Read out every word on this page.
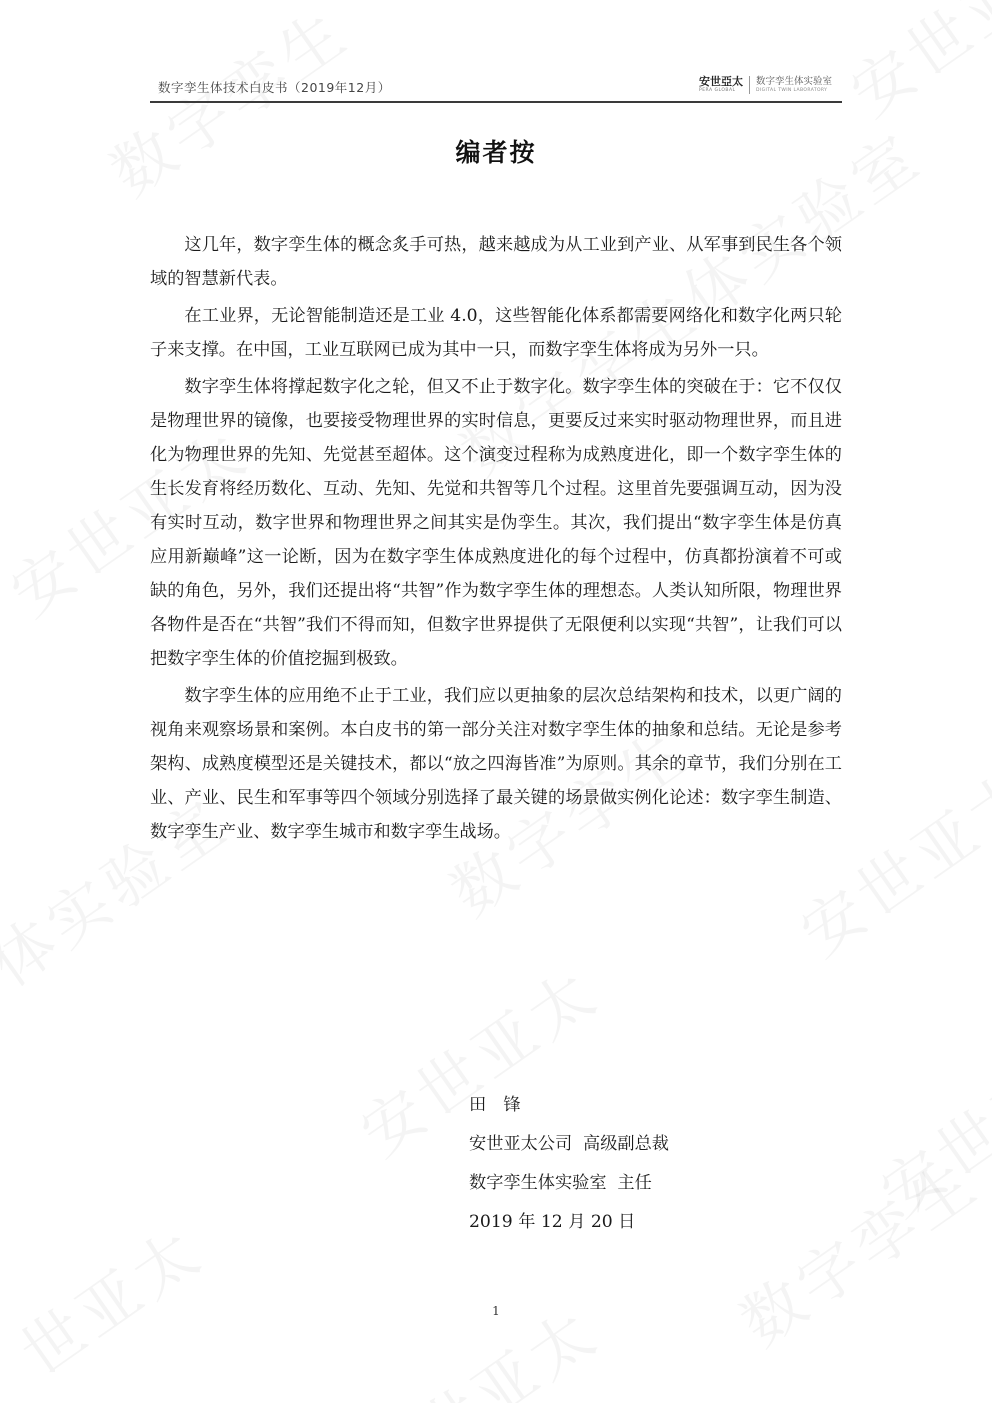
数字孪生体技术白皮书（2019年12月）	安世亞太
PERA GLOBAL
数字孪生体实验室
DIGITAL TWIN LABORATORY
编者按

这几年，数字孪生体的概念炙手可热，越来越成为从工业到产业、从军事到民生各个领域的智慧新代表。

在工业界，无论智能制造还是工业 4.0，这些智能化体系都需要网络化和数字化两只轮子来支撑。在中国，工业互联网已成为其中一只，而数字孪生体将成为另外一只。

数字孪生体将撑起数字化之轮，但又不止于数字化。数字孪生体的突破在于：它不仅仅是物理世界的镜像，也要接受物理世界的实时信息，更要反过来实时驱动物理世界，而且进化为物理世界的先知、先觉甚至超体。这个演变过程称为成熟度进化，即一个数字孪生体的生长发育将经历数化、互动、先知、先觉和共智等几个过程。这里首先要强调互动，因为没有实时互动，数字世界和物理世界之间其实是伪孪生。其次，我们提出“数字孪生体是仿真应用新巅峰”这一论断，因为在数字孪生体成熟度进化的每个过程中，仿真都扮演着不可或缺的角色，另外，我们还提出将“共智”作为数字孪生体的理想态。人类认知所限，物理世界各物件是否在“共智”我们不得而知，但数字世界提供了无限便利以实现“共智”，让我们可以把数字孪生体的价值挖掘到极致。

数字孪生体的应用绝不止于工业，我们应以更抽象的层次总结架构和技术，以更广阔的视角来观察场景和案例。本白皮书的第一部分关注对数字孪生体的抽象和总结。无论是参考架构、成熟度模型还是关键技术，都以“放之四海皆准”为原则。其余的章节，我们分别在工业、产业、民生和军事等四个领域分别选择了最关键的场景做实例化论述：数字孪生制造、数字孪生产业、数字孪生城市和数字孪生战场。

田　锋
安世亚太公司  高级副总裁
数字孪生体实验室  主任
2019 年 12 月 20 日
1
